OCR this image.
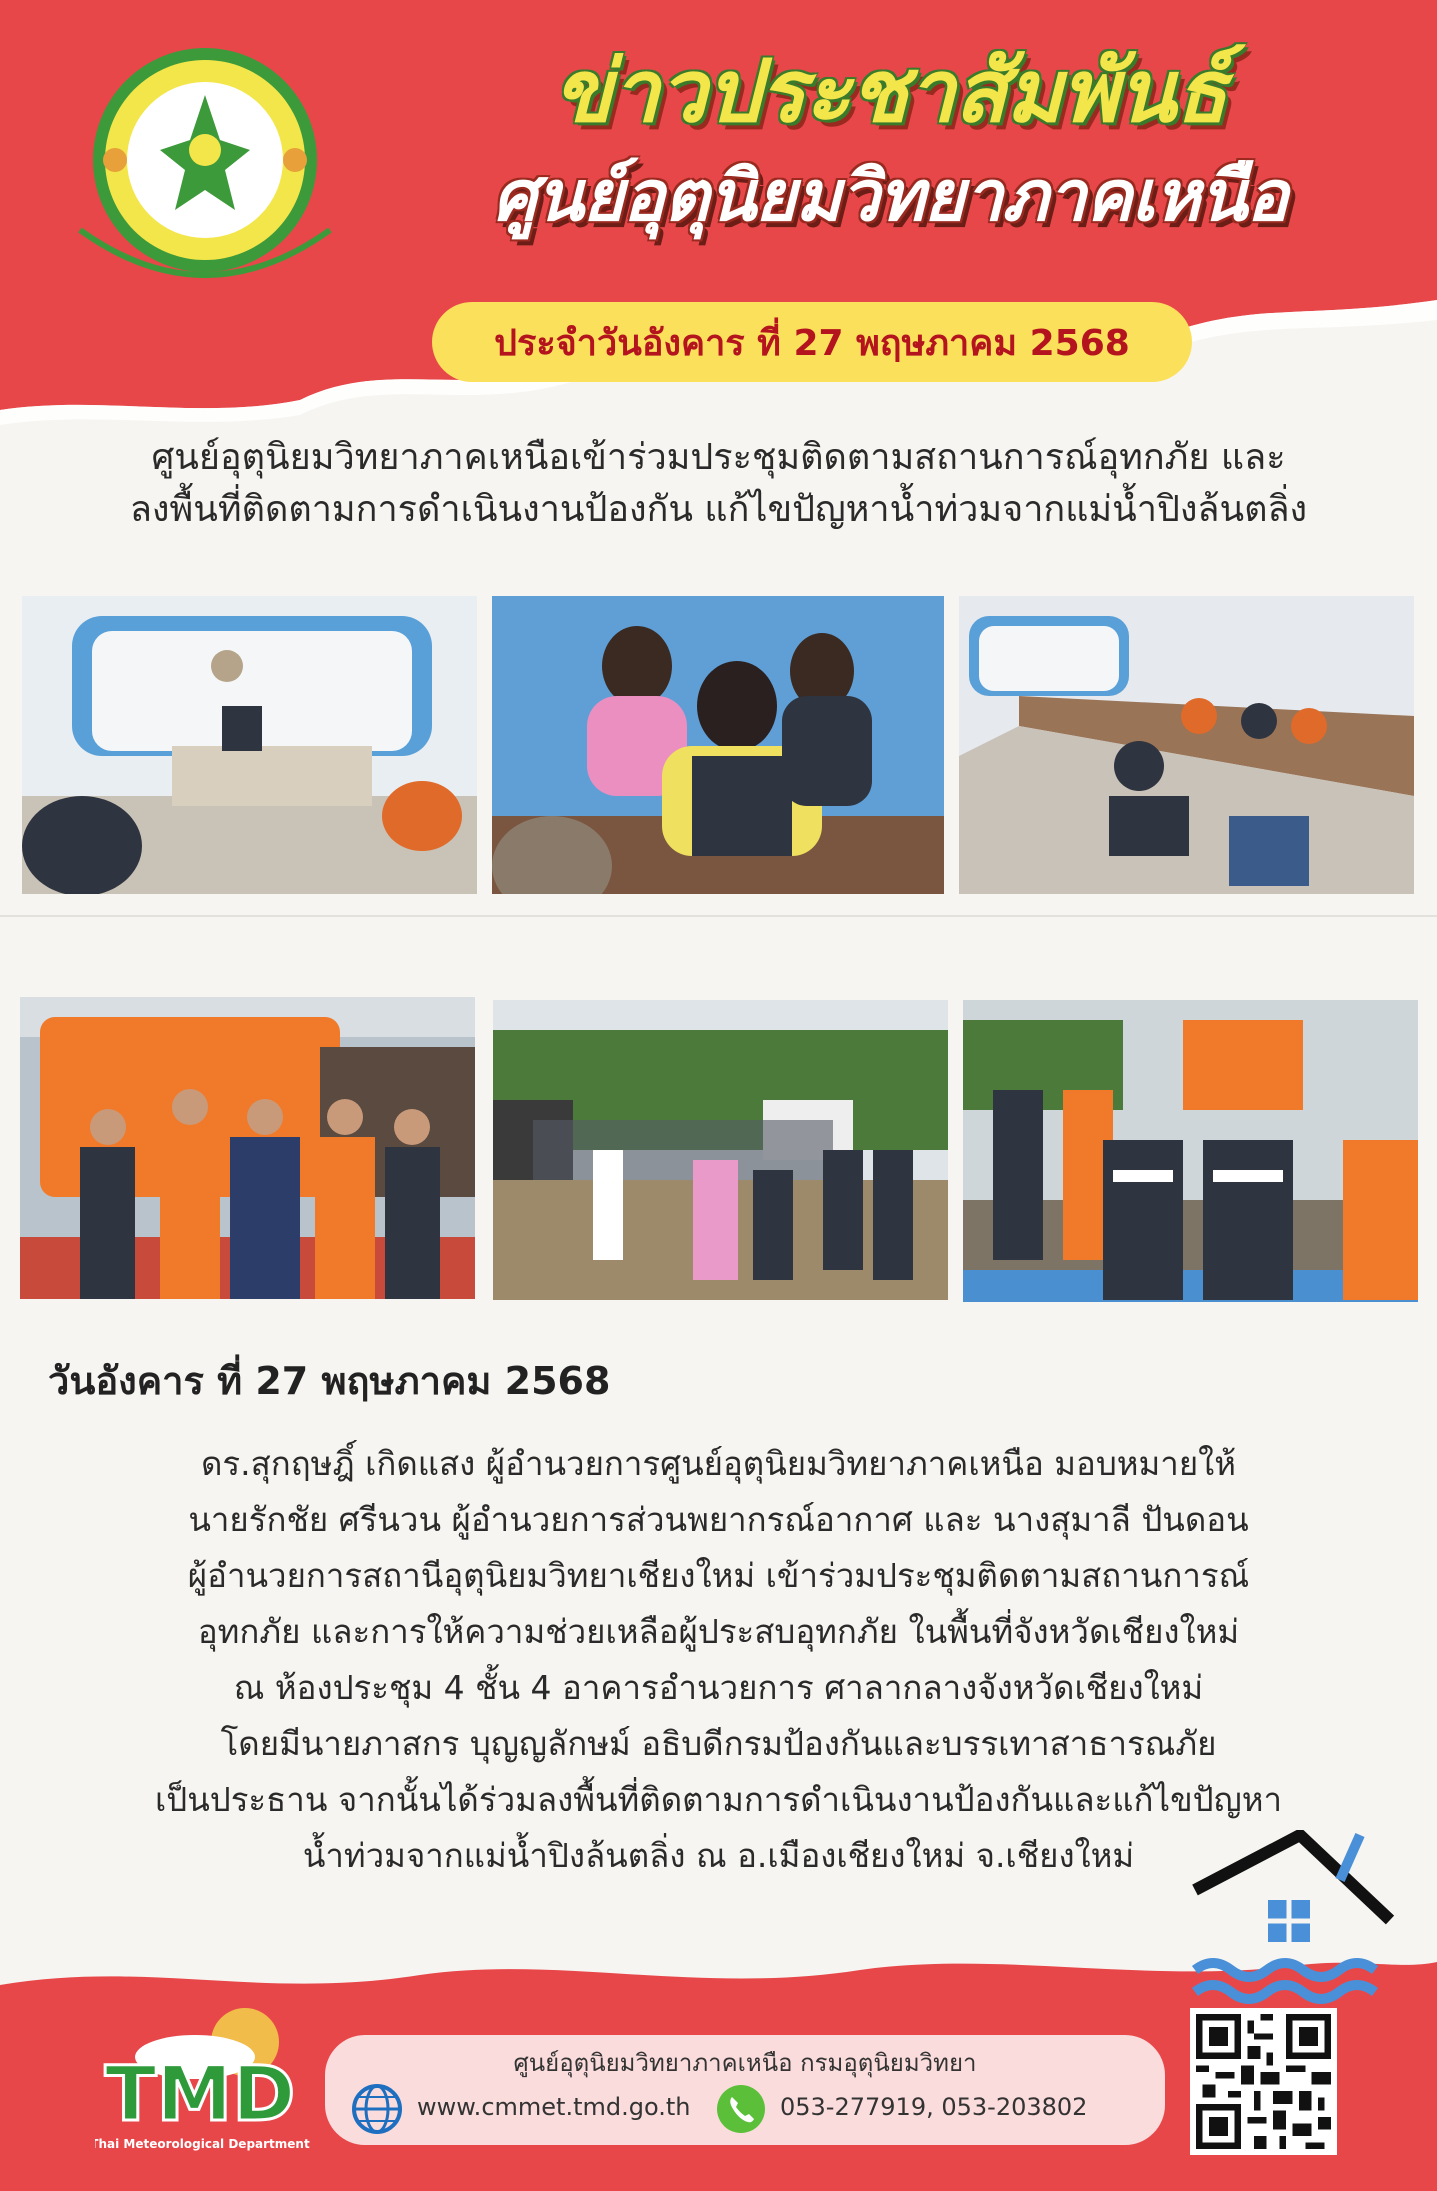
ข่าวประชาสัมพันธ์
ศูนย์อุตุนิยมวิทยาภาคเหนือ
ประจำวันอังคาร ที่ 27 พฤษภาคม 2568
ศูนย์อุตุนิยมวิทยาภาคเหนือเข้าร่วมประชุมติดตามสถานการณ์อุทกภัย และ
ลงพื้นที่ติดตามการดำเนินงานป้องกัน แก้ไขปัญหาน้ำท่วมจากแม่น้ำปิงล้นตลิ่ง
วันอังคาร ที่ 27 พฤษภาคม 2568

ดร.สุกฤษฎิ์ เกิดแสง ผู้อำนวยการศูนย์อุตุนิยมวิทยาภาคเหนือ มอบหมายให้

นายรักชัย ศรีนวน ผู้อำนวยการส่วนพยากรณ์อากาศ และ นางสุมาลี ปันดอน

ผู้อำนวยการสถานีอุตุนิยมวิทยาเชียงใหม่ เข้าร่วมประชุมติดตามสถานการณ์

อุทกภัย และการให้ความช่วยเหลือผู้ประสบอุทกภัย ในพื้นที่จังหวัดเชียงใหม่

ณ ห้องประชุม 4 ชั้น 4 อาคารอำนวยการ ศาลากลางจังหวัดเชียงใหม่

โดยมีนายภาสกร บุญญลักษม์ อธิบดีกรมป้องกันและบรรเทาสาธารณภัย

เป็นประธาน จากนั้นได้ร่วมลงพื้นที่ติดตามการดำเนินงานป้องกันและแก้ไขปัญหา

น้ำท่วมจากแม่น้ำปิงล้นตลิ่ง ณ อ.เมืองเชียงใหม่ จ.เชียงใหม่

TMD
Thai Meteorological Department
ศูนย์อุตุนิยมวิทยาภาคเหนือ กรมอุตุนิยมวิทยา
www.cmmet.tmd.go.th	053-277919, 053-203802
